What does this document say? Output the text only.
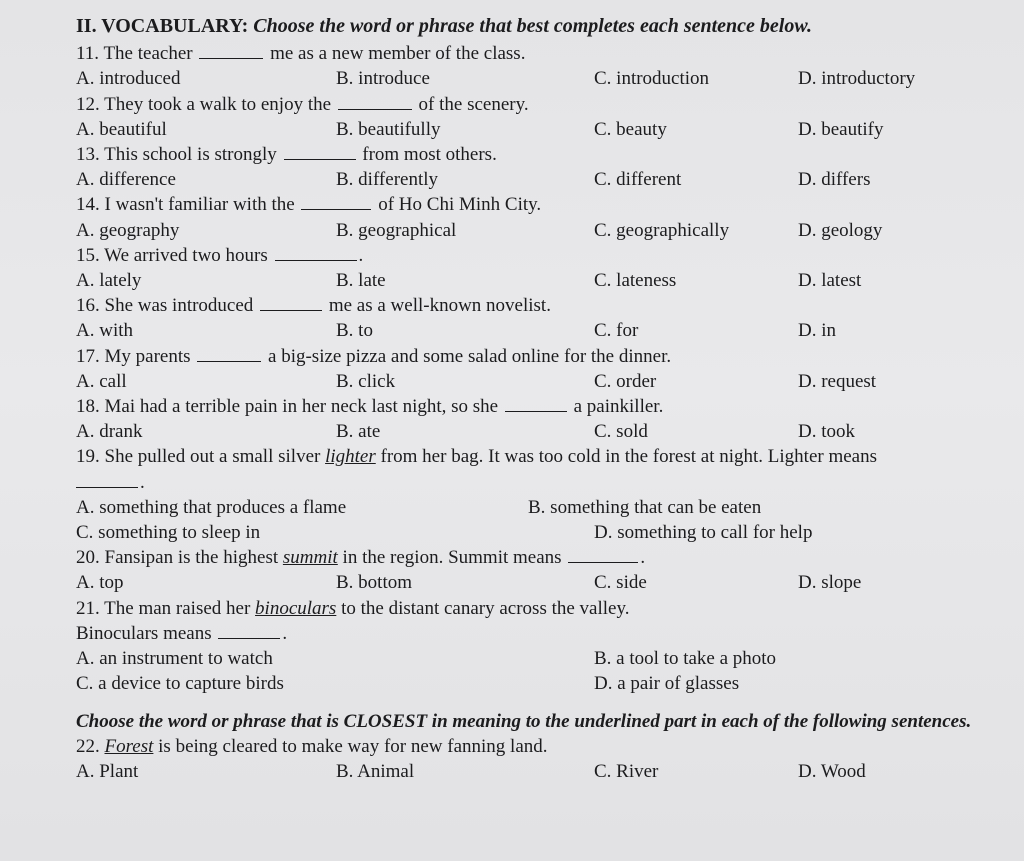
II. VOCABULARY: Choose the word or phrase that best completes each sentence below.
11. The teacher	me as a new member of the class.
A. introduced	B. introduce	C. introduction	D. introductory
12. They took a walk to enjoy the	of the scenery.
A. beautiful	B. beautifully	C. beauty	D. beautify
13. This school is strongly	from most others.
A. difference	B. differently	C. different	D. differs
14. I wasn't familiar with the	of Ho Chi Minh City.
A. geography	B. geographical	C. geographically	D. geology
15. We arrived two hours	.
A. lately	B. late	C. lateness	D. latest
16. She was introduced	me as a well-known novelist.
A. with	B. to	C. for	D. in
17. My parents	a big-size pizza and some salad online for the dinner.
A. call	B. click	C. order	D. request
18. Mai had a terrible pain in her neck last night, so she	a painkiller.
A. drank	B. ate	C. sold	D. took
19. She pulled out a small silver lighter from her bag. It was too cold in the forest at night. Lighter means
.
A. something that produces a flame	B. something that can be eaten
C. something to sleep in	D. something to call for help
20. Fansipan is the highest summit in the region. Summit means	.
A. top	B. bottom	C. side	D. slope
21. The man raised her binoculars to the distant canary across the valley.
Binoculars means	.
A. an instrument to watch	B. a tool to take a photo
C. a device to capture birds	D. a pair of glasses
Choose the word or phrase that is CLOSEST in meaning to the underlined part in each of the following sentences.
22. Forest is being cleared to make way for new fanning land.
A. Plant	B. Animal	C. River	D. Wood
